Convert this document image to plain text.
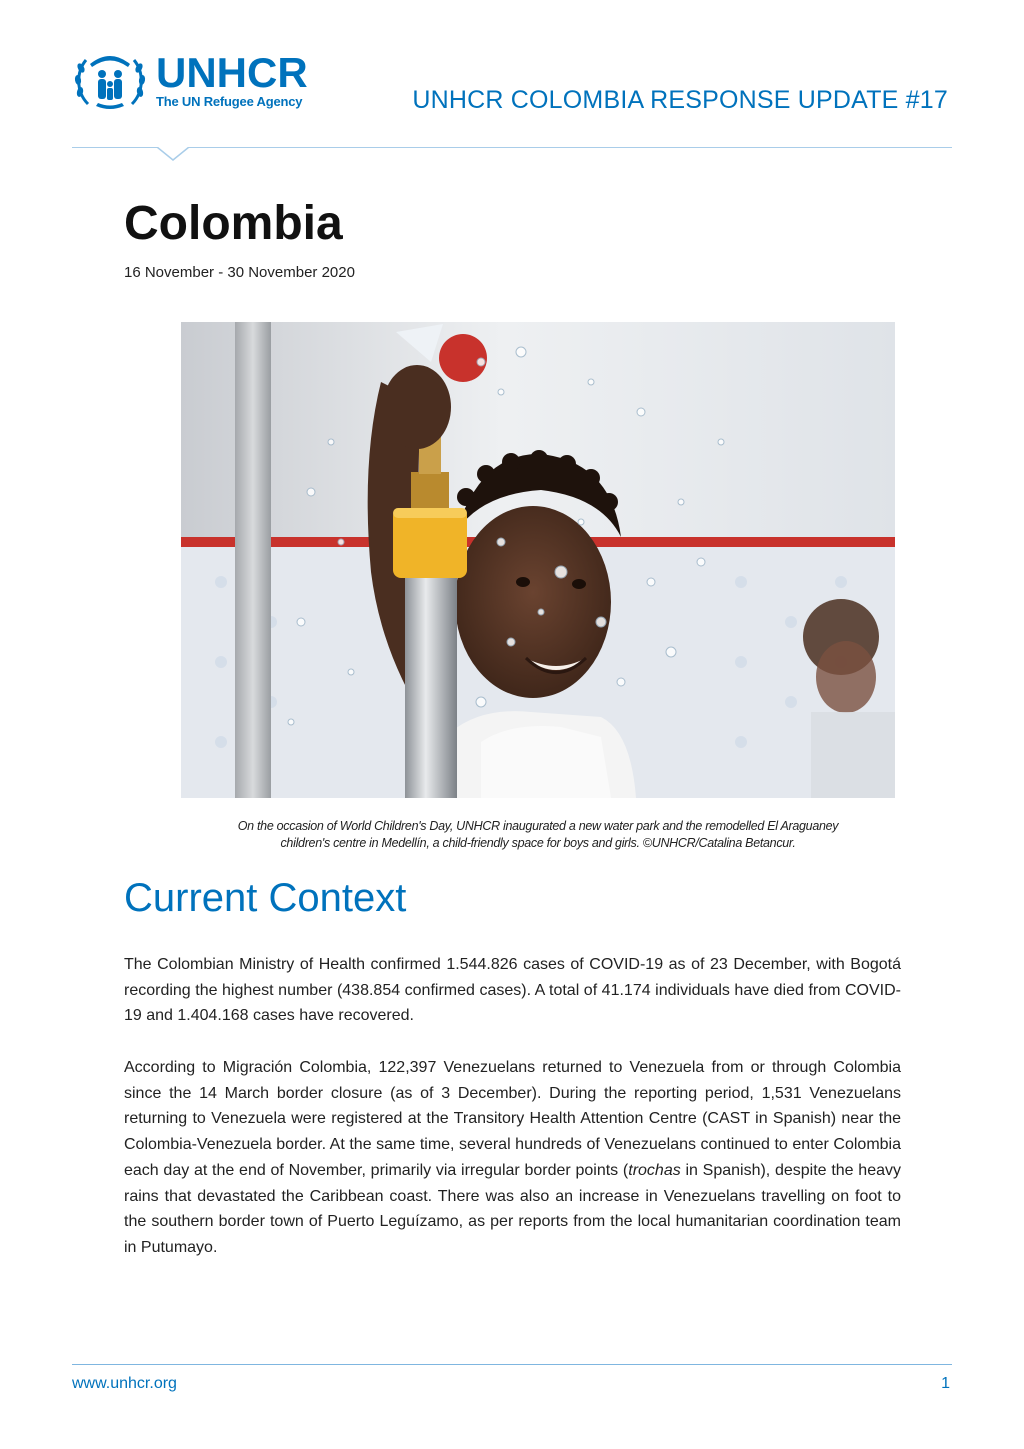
UNHCR
The UN Refugee Agency	UNHCR COLOMBIA RESPONSE UPDATE #17
Colombia
16 November - 30 November 2020

On the occasion of World Children's Day, UNHCR inaugurated a new water park and the remodelled El Araguaney
children's centre in Medellín, a child-friendly space for boys and girls. ©UNHCR/Catalina Betancur.

Current Context

The Colombian Ministry of Health confirmed 1.544.826 cases of COVID-19 as of 23 December, with Bogotá recording the highest number (438.854 confirmed cases). A total of 41.174 individuals have died from COVID-19 and 1.404.168 cases have recovered.

According to Migración Colombia, 122,397 Venezuelans returned to Venezuela from or through Colombia since the 14 March border closure (as of 3 December). During the reporting period, 1,531 Venezuelans returning to Venezuela were registered at the Transitory Health Attention Centre (CAST in Spanish) near the Colombia-Venezuela border. At the same time, several hundreds of Venezuelans continued to enter Colombia each day at the end of November, primarily via irregular border points (trochas in Spanish), despite the heavy rains that devastated the Caribbean coast. There was also an increase in Venezuelans travelling on foot to the southern border town of Puerto Leguízamo, as per reports from the local humanitarian coordination team in Putumayo.

www.unhcr.org	1
